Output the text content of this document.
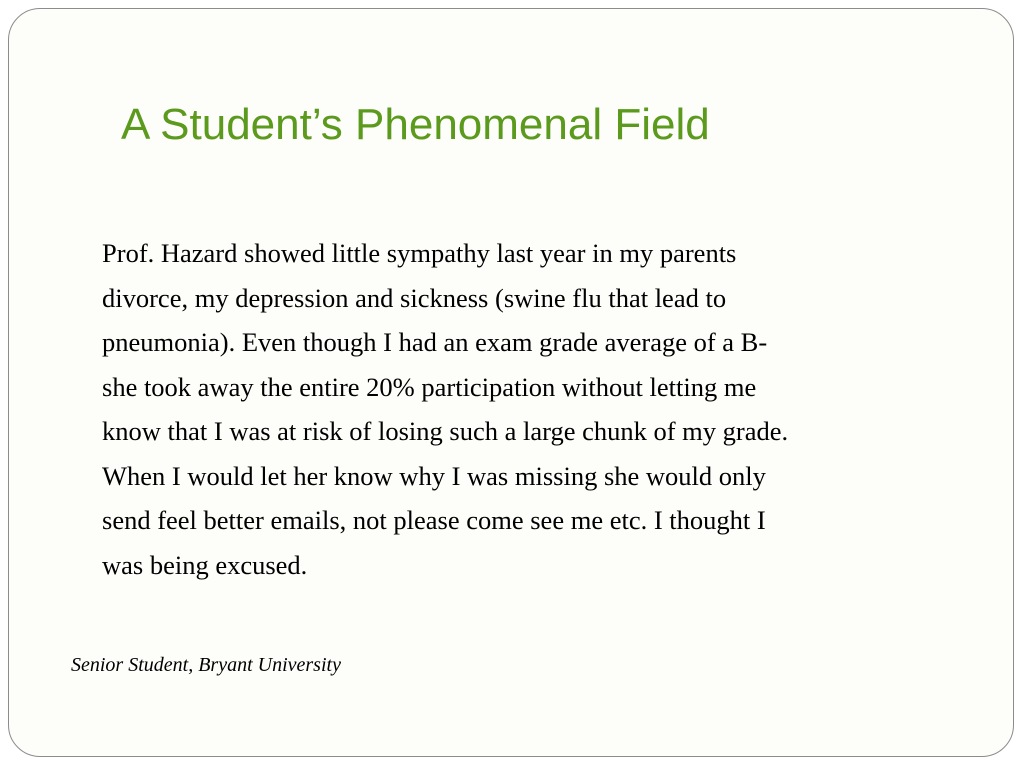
A Student’s Phenomenal Field

Prof. Hazard showed little sympathy last year in my parents
divorce, my depression and sickness (swine flu that lead to
pneumonia). Even though I had an exam grade average of a B-
she took away the entire 20% participation without letting me
know that I was at risk of losing such a large chunk of my grade.
When I would let her know why I was missing she would only
send feel better emails, not please come see me etc. I thought I
was being excused.

Senior Student, Bryant University
